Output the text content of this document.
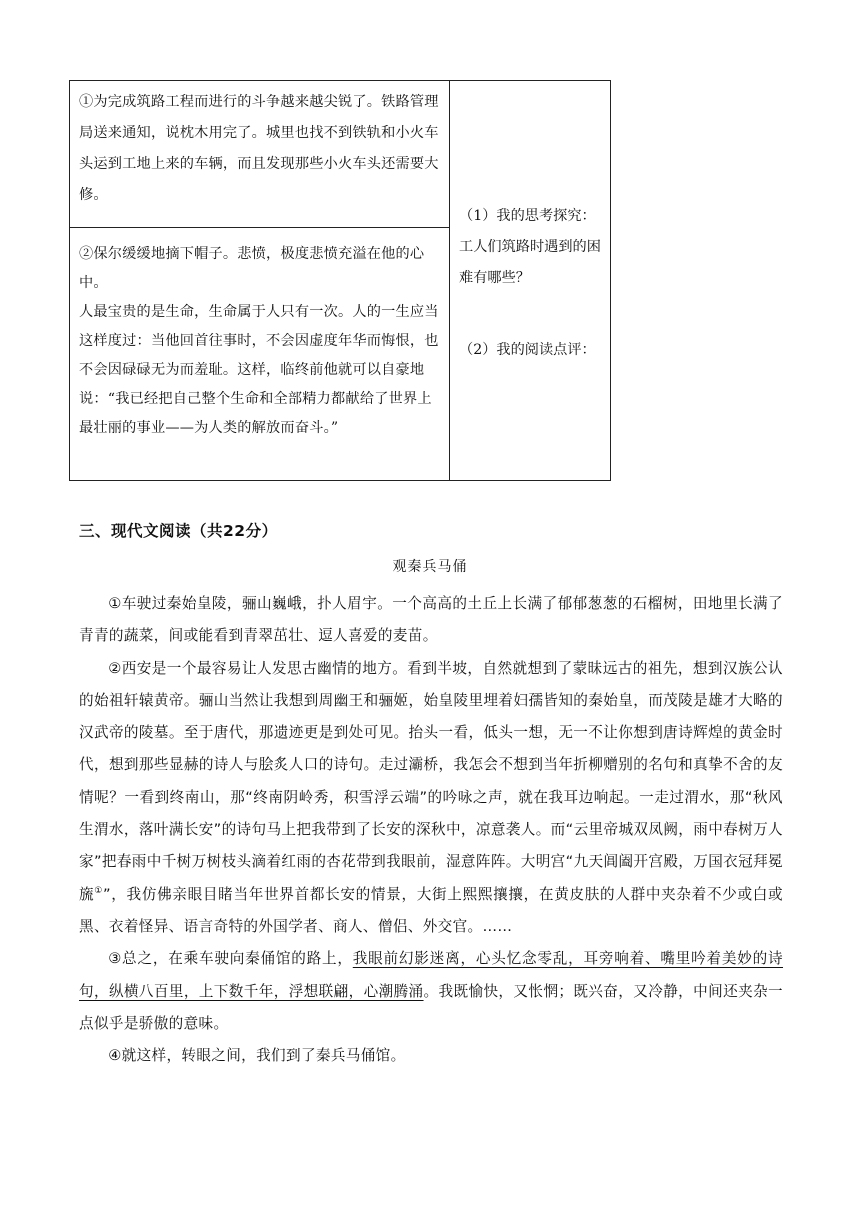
①为完成筑路工程而进行的斗争越来越尖锐了。铁路管理局送来通知，说枕木用完了。城里也找不到铁轨和小火车头运到工地上来的车辆，而且发现那些小火车头还需要大修。

②保尔缓缓地摘下帽子。悲愤，极度悲愤充溢在他的心中。

人最宝贵的是生命，生命属于人只有一次。人的一生应当这样度过：当他回首往事时，不会因虚度年华而悔恨，也不会因碌碌无为而羞耻。这样，临终前他就可以自豪地说：“我已经把自己整个生命和全部精力都献给了世界上最壮丽的事业——为人类的解放而奋斗。”

（1）我的思考探究：工人们筑路时遇到的困难有哪些？
（2）我的阅读点评：
三、现代文阅读（共22分）
观秦兵马俑

①车驶过秦始皇陵，骊山巍峨，扑人眉宇。一个高高的土丘上长满了郁郁葱葱的石榴树，田地里长满了青青的蔬菜，间或能看到青翠茁壮、逗人喜爱的麦苗。

②西安是一个最容易让人发思古幽情的地方。看到半坡，自然就想到了蒙昧远古的祖先，想到汉族公认的始祖轩辕黄帝。骊山当然让我想到周幽王和骊姬，始皇陵里埋着妇孺皆知的秦始皇，而茂陵是雄才大略的汉武帝的陵墓。至于唐代，那遗迹更是到处可见。抬头一看，低头一想，无一不让你想到唐诗辉煌的黄金时代，想到那些显赫的诗人与脍炙人口的诗句。走过灞桥，我怎会不想到当年折柳赠别的名句和真挚不舍的友情呢？一看到终南山，那“终南阴岭秀，积雪浮云端”的吟咏之声，就在我耳边响起。一走过渭水，那“秋风生渭水，落叶满长安”的诗句马上把我带到了长安的深秋中，凉意袭人。而“云里帝城双凤阙，雨中春树万人家”把春雨中千树万树枝头滴着红雨的杏花带到我眼前，湿意阵阵。大明宫“九天阊阖开宫殿，万国衣冠拜冕旒①”，我仿佛亲眼目睹当年世界首都长安的情景，大街上熙熙攘攘，在黄皮肤的人群中夹杂着不少或白或黑、衣着怪异、语言奇特的外国学者、商人、僧侣、外交官。……

③总之，在乘车驶向秦俑馆的路上，我眼前幻影迷离，心头忆念零乱，耳旁响着、嘴里吟着美妙的诗句，纵横八百里，上下数千年，浮想联翩，心潮腾涌。我既愉快，又怅惘；既兴奋，又冷静，中间还夹杂一点似乎是骄傲的意味。

④就这样，转眼之间，我们到了秦兵马俑馆。
